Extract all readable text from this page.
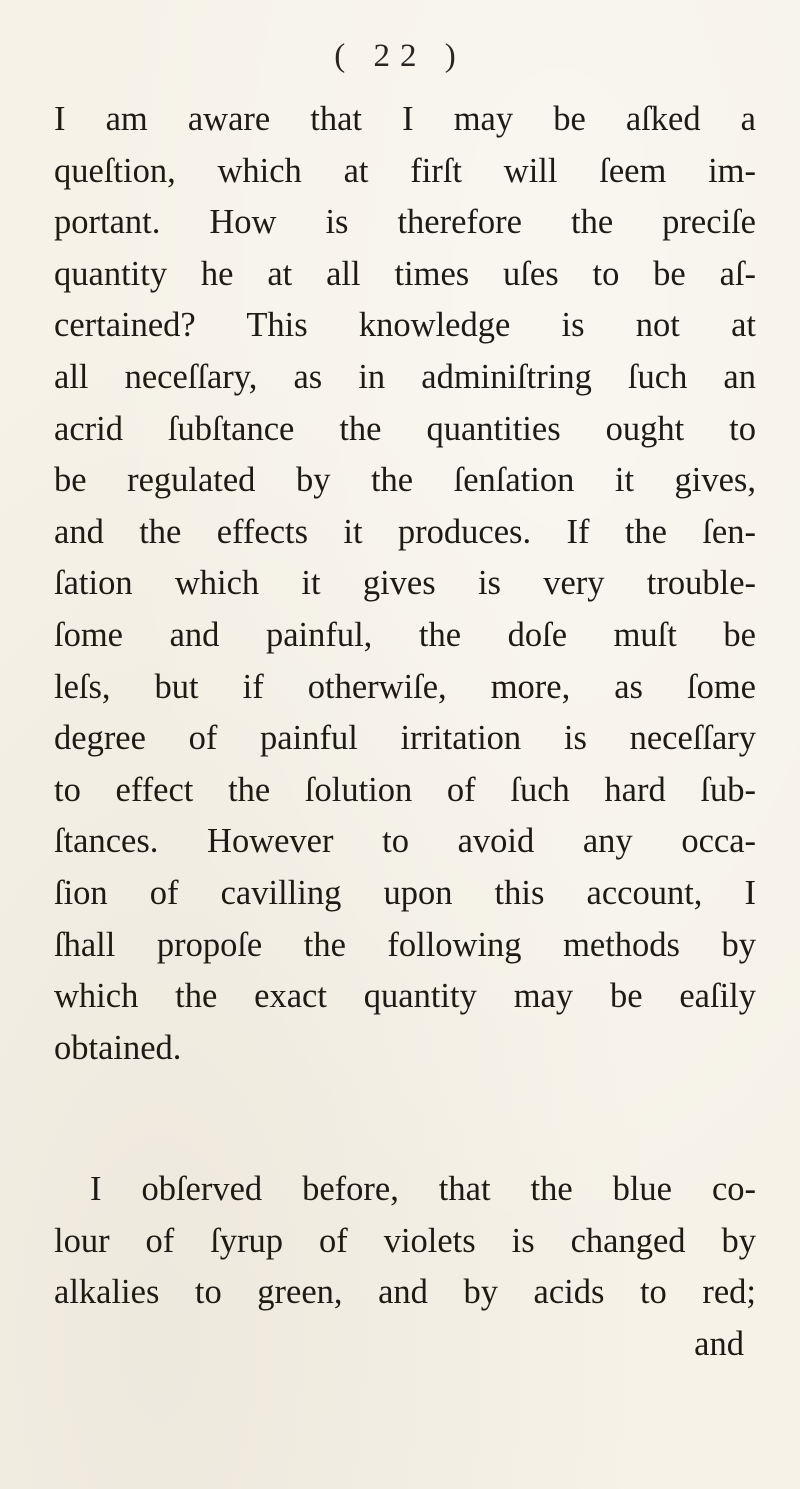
( 22 )
I am aware that I may be aſked a
queſtion, which at firſt will ſeem im-
portant. How is therefore the preciſe
quantity he at all times uſes to be aſ-
certained? This knowledge is not at
all neceſſary, as in adminiſtring ſuch an
acrid ſubſtance the quantities ought to
be regulated by the ſenſation it gives,
and the effects it produces. If the ſen-
ſation which it gives is very trouble-
ſome and painful, the doſe muſt be
leſs, but if otherwiſe, more, as ſome
degree of painful irritation is neceſſary
to effect the ſolution of ſuch hard ſub-
ſtances. However to avoid any occa-
ſion of cavilling upon this account, I
ſhall propoſe the following methods by
which the exact quantity may be eaſily
obtained.
I obſerved before, that the blue co-
lour of ſyrup of violets is changed by
alkalies to green, and by acids to red;
and
